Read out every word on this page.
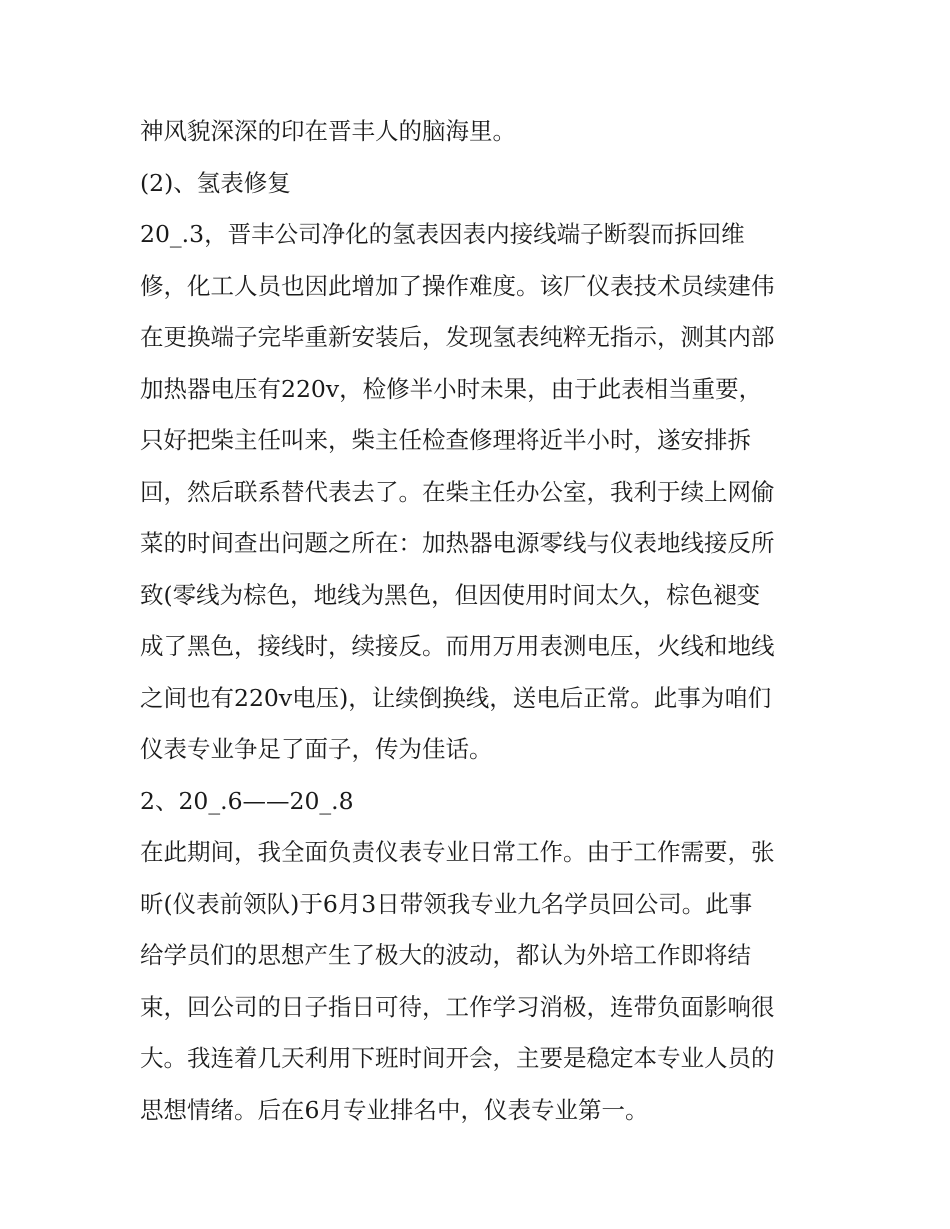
神风貌深深的印在晋丰人的脑海里。
(2)、氢表修复
20_.3，晋丰公司净化的氢表因表内接线端子断裂而拆回维
修，化工人员也因此增加了操作难度。该厂仪表技术员续建伟
在更换端子完毕重新安装后，发现氢表纯粹无指示，测其内部
加热器电压有220v，检修半小时未果，由于此表相当重要，
只好把柴主任叫来，柴主任检查修理将近半小时，遂安排拆
回，然后联系替代表去了。在柴主任办公室，我利于续上网偷
菜的时间查出问题之所在：加热器电源零线与仪表地线接反所
致(零线为棕色，地线为黑色，但因使用时间太久，棕色褪变
成了黑色，接线时，续接反。而用万用表测电压，火线和地线
之间也有220v电压)，让续倒换线，送电后正常。此事为咱们
仪表专业争足了面子，传为佳话。
2、20_.6——20_.8
在此期间，我全面负责仪表专业日常工作。由于工作需要，张
昕(仪表前领队)于6月3日带领我专业九名学员回公司。此事
给学员们的思想产生了极大的波动，都认为外培工作即将结
束，回公司的日子指日可待，工作学习消极，连带负面影响很
大。我连着几天利用下班时间开会，主要是稳定本专业人员的
思想情绪。后在6月专业排名中，仪表专业第一。
